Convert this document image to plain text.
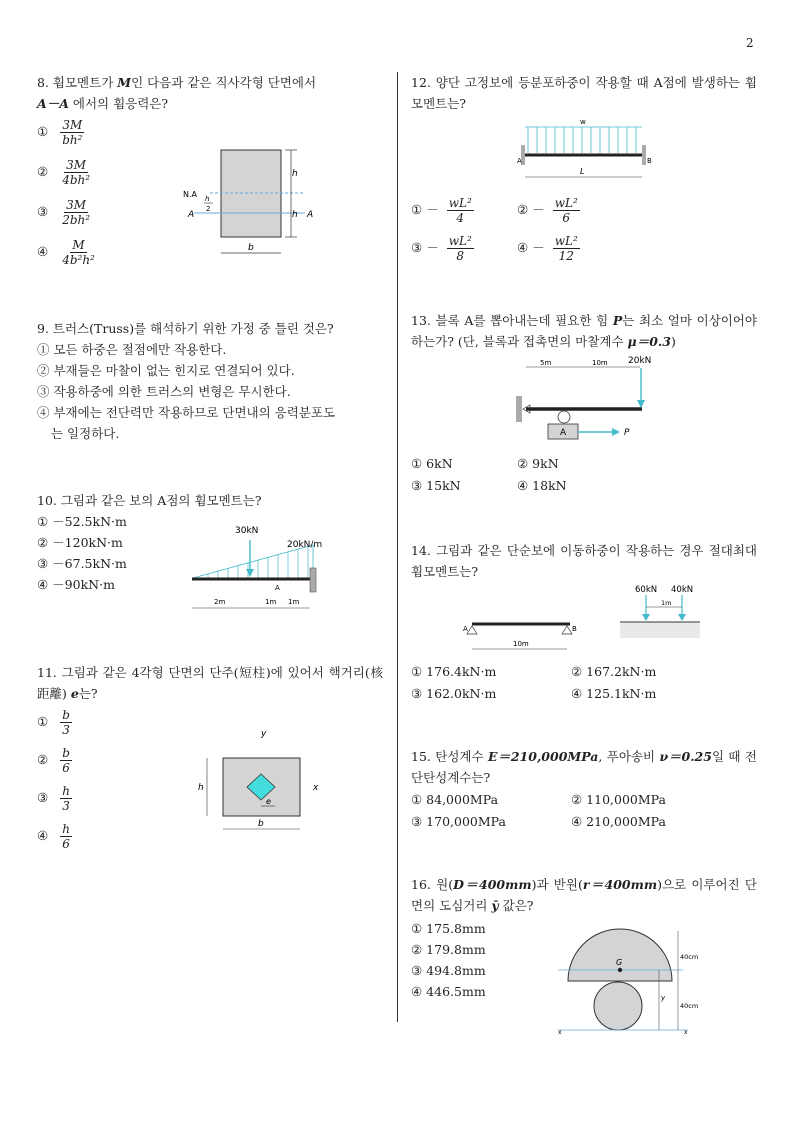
2
8. 휨모멘트가 M인 다음과 같은 직사각형 단면에서
A－A 에서의 휨응력은?
① $\frac{3M}{\text{bh²}}$
② $\frac{3M}{\text{4bh²}}$
③ $\frac{3M}{\text{2bh²}}$
④ $\frac{M}{\text{4b²h²}}$
h
h
N.A
A	A
h
2
b
9. 트러스(Truss)를 해석하기 위한 가정 중 틀린 것은?
① 모든 하중은 절점에만 작용한다.
② 부재들은 마찰이 없는 힌지로 연결되어 있다.
③ 작용하중에 의한 트러스의 변형은 무시한다.
④ 부재에는 전단력만 작용하므로 단면내의 응력분포도
는 일정하다.
10. 그림과 같은 보의 A점의 휨모멘트는?
① －52.5kN·m
② －120kN·m
③ －67.5kN·m
④ －90kN·m
30kN
20kN/m
A
2m	1m 1m
11. 그림과 같은 4각형 단면의 단주(短柱)에 있어서 핵거리(核距離) e는?
① $\frac{b}{3}$
② $\frac{b}{6}$
③ $\frac{h}{3}$
④ $\frac{h}{6}$
y
x
h
e
b
12. 양단 고정보에 등분포하중이 작용할 때 A점에 발생하는 휨모멘트는?
w
A	B
L
① － $\frac{\text{wL²}}{4}$	② － $\frac{\text{wL²}}{6}$
③ － $\frac{\text{wL²}}{8}$	④ － $\frac{\text{wL²}}{12}$
13. 블록 A를 뽑아내는데 필요한 힘 P는 최소 얼마 이상이어야 하는가? (단, 블록과 접촉면의 마찰계수 μ＝0.3)
5m	10m 20kN
A	P
① 6kN	② 9kN
③ 15kN	④ 18kN
14. 그림과 같은 단순보에 이동하중이 작용하는 경우 절대최대휨모멘트는?
A	B
10m
60kN 40kN
1m
① 176.4kN·m	② 167.2kN·m
③ 162.0kN·m	④ 125.1kN·m
15. 탄성계수 E＝210,000MPa, 푸아송비 ν＝0.25일 때 전단탄성계수는?
① 84,000MPa	② 110,000MPa
③ 170,000MPa	④ 210,000MPa
16. 원(D＝400mm)과 반원(r＝400mm)으로 이루어진 단면의 도심거리 ȳ 값은?
① 175.8mm
② 179.8mm
③ 494.8mm
④ 446.5mm
G
x	x
y
40cm
40cm
